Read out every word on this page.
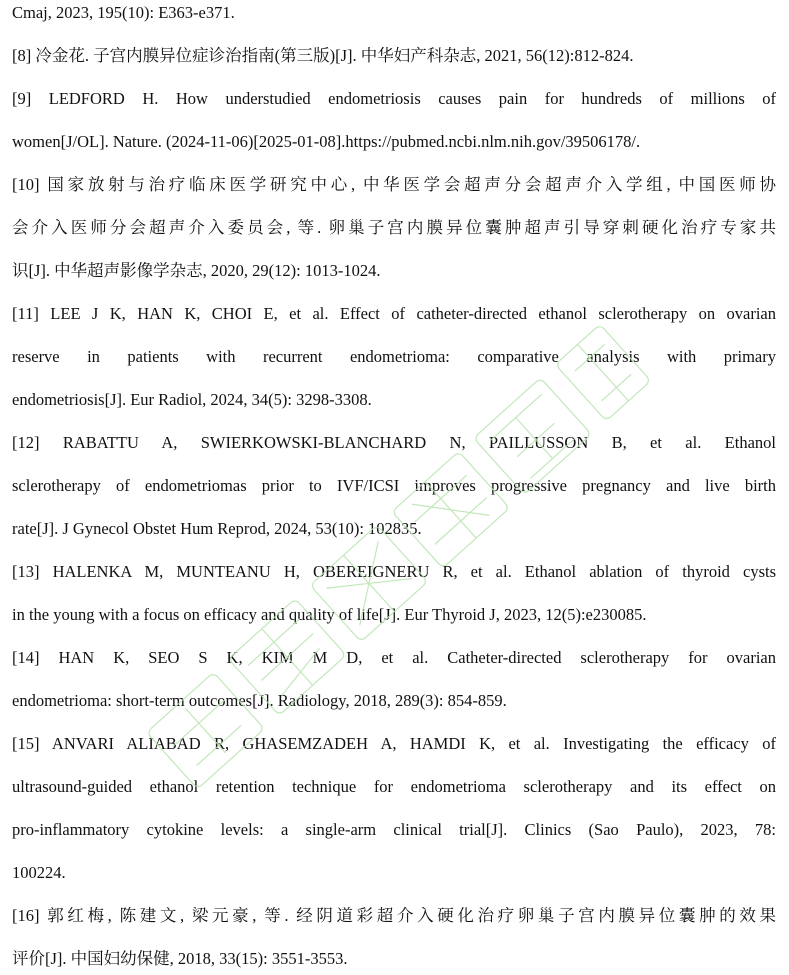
Cmaj, 2023, 195(10): E363-e371.
[8] 冷金花. 子宫内膜异位症诊治指南(第三版)[J]. 中华妇产科杂志, 2021, 56(12):812-824.
[9] LEDFORD H. How understudied endometriosis causes pain for hundreds of millions of
women[J/OL]. Nature. (2024-11-06)[2025-01-08].https://pubmed.ncbi.nlm.nih.gov/39506178/.
[10] 国家放射与治疗临床医学研究中心, 中华医学会超声分会超声介入学组, 中国医师协
会介入医师分会超声介入委员会, 等. 卵巢子宫内膜异位囊肿超声引导穿刺硬化治疗专家共
识[J]. 中华超声影像学杂志, 2020, 29(12): 1013-1024.
[11] LEE J K, HAN K, CHOI E, et al. Effect of catheter-directed ethanol sclerotherapy on ovarian
reserve in patients with recurrent endometrioma: comparative analysis with primary
endometriosis[J]. Eur Radiol, 2024, 34(5): 3298-3308.
[12] RABATTU A, SWIERKOWSKI-BLANCHARD N, PAILLUSSON B, et al. Ethanol
sclerotherapy of endometriomas prior to IVF/ICSI improves progressive pregnancy and live birth
rate[J]. J Gynecol Obstet Hum Reprod, 2024, 53(10): 102835.
[13] HALENKA M, MUNTEANU H, OBEREIGNERU R, et al. Ethanol ablation of thyroid cysts
in the young with a focus on efficacy and quality of life[J]. Eur Thyroid J, 2023, 12(5):e230085.
[14] HAN K, SEO S K, KIM M D, et al. Catheter-directed sclerotherapy for ovarian
endometrioma: short-term outcomes[J]. Radiology, 2018, 289(3): 854-859.
[15] ANVARI ALIABAD R, GHASEMZADEH A, HAMDI K, et al. Investigating the efficacy of
ultrasound-guided ethanol retention technique for endometrioma sclerotherapy and its effect on
pro-inflammatory cytokine levels: a single-arm clinical trial[J]. Clinics (Sao Paulo), 2023, 78:
100224.
[16] 郭红梅, 陈建文, 梁元豪, 等. 经阴道彩超介入硬化治疗卵巢子宫内膜异位囊肿的效果
评价[J]. 中国妇幼保健, 2018, 33(15): 3551-3553.
